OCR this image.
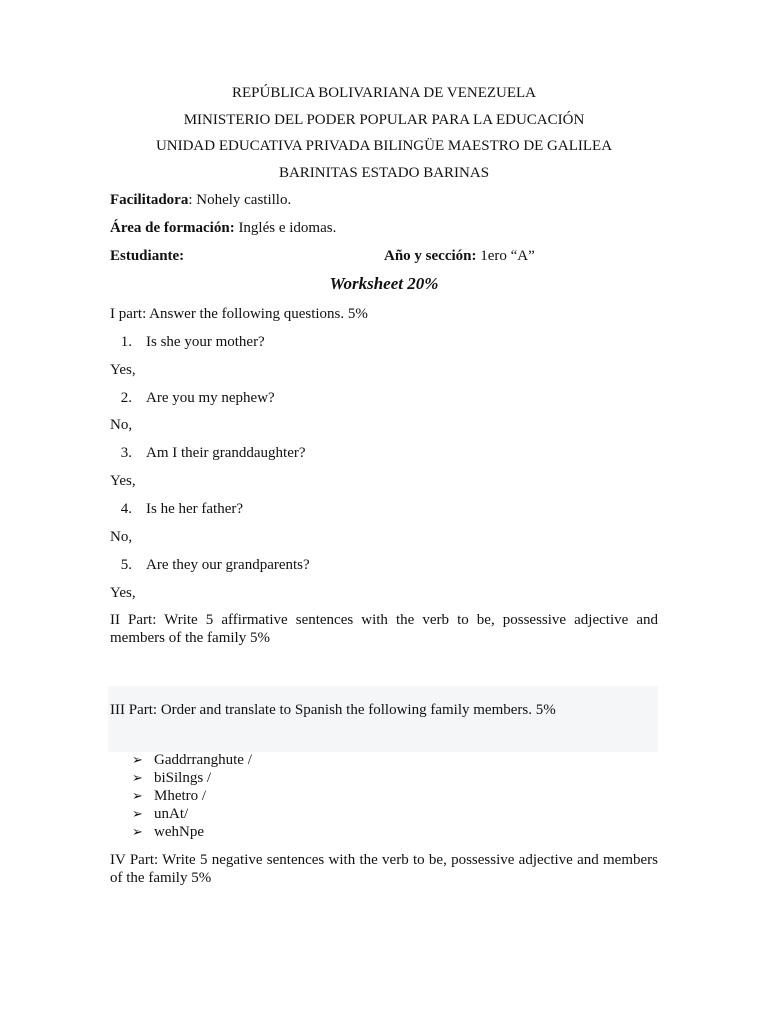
REPÚBLICA BOLIVARIANA DE VENEZUELA
MINISTERIO DEL PODER POPULAR PARA LA EDUCACIÓN
UNIDAD EDUCATIVA PRIVADA BILINGÜE MAESTRO DE GALILEA
BARINITAS ESTADO BARINAS
Facilitadora: Nohely castillo.
Área de formación: Inglés e idomas.
Estudiante:	Año y sección: 1ero “A”
Worksheet 20%
I part: Answer the following questions. 5%
1. Is she your mother?
Yes,
2. Are you my nephew?
No,
3. Am I their granddaughter?
Yes,
4. Is he her father?
No,
5. Are they our grandparents?
Yes,
II Part: Write 5 affirmative sentences with the verb to be, possessive adjective and members of the family 5%
III Part: Order and translate to Spanish the following family members. 5%
➢ Gaddrranghute /
➢ biSilngs /
➢ Mhetro /
➢ unAt/
➢ wehNpe
IV Part: Write 5 negative sentences with the verb to be, possessive adjective and members of the family 5%
